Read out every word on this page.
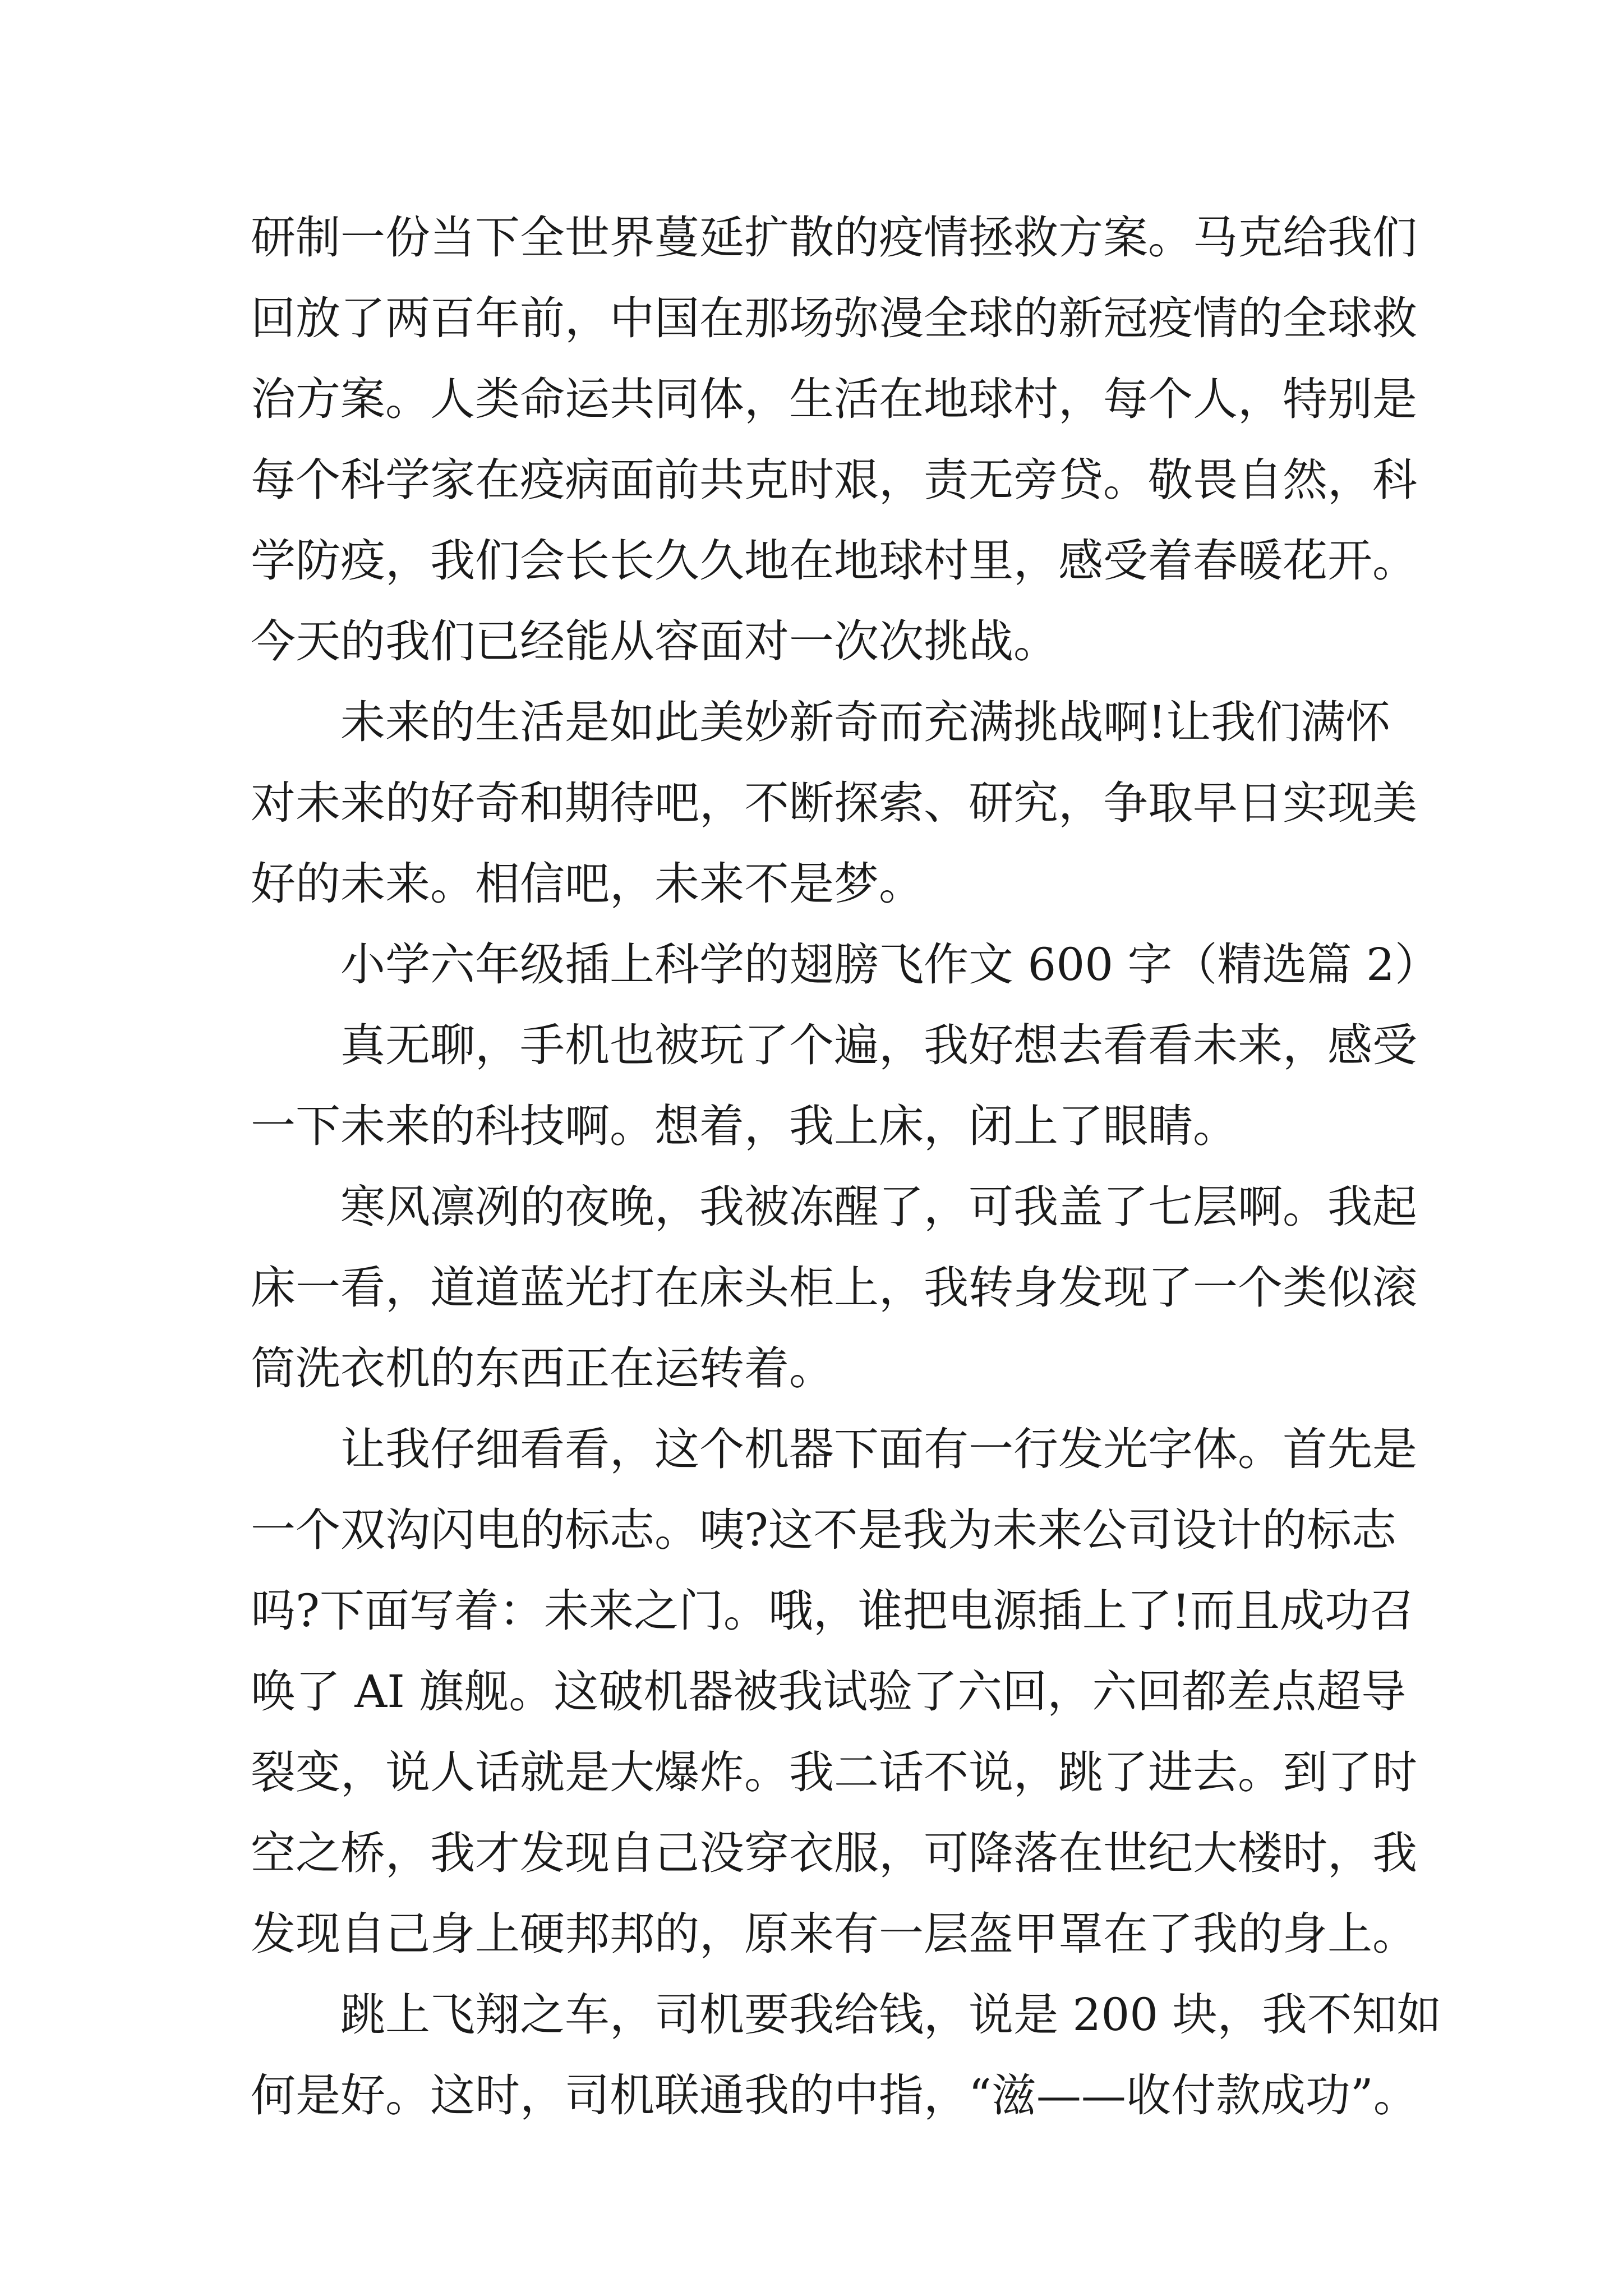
研制一份当下全世界蔓延扩散的疫情拯救方案。马克给我们
回放了两百年前，中国在那场弥漫全球的新冠疫情的全球救
治方案。人类命运共同体，生活在地球村，每个人，特别是
每个科学家在疫病面前共克时艰，责无旁贷。敬畏自然，科
学防疫，我们会长长久久地在地球村里，感受着春暖花开。
今天的我们已经能从容面对一次次挑战。
未来的生活是如此美妙新奇而充满挑战啊!让我们满怀
对未来的好奇和期待吧，不断探索、研究，争取早日实现美
好的未来。相信吧，未来不是梦。
小学六年级插上科学的翅膀飞作文 600 字（精选篇 2）
真无聊，手机也被玩了个遍，我好想去看看未来，感受
一下未来的科技啊。想着，我上床，闭上了眼睛。
寒风凛冽的夜晚，我被冻醒了，可我盖了七层啊。我起
床一看，道道蓝光打在床头柜上，我转身发现了一个类似滚
筒洗衣机的东西正在运转着。
让我仔细看看，这个机器下面有一行发光字体。首先是
一个双沟闪电的标志。咦?这不是我为未来公司设计的标志
吗?下面写着：未来之门。哦，谁把电源插上了!而且成功召
唤了 AI 旗舰。这破机器被我试验了六回，六回都差点超导
裂变，说人话就是大爆炸。我二话不说，跳了进去。到了时
空之桥，我才发现自己没穿衣服，可降落在世纪大楼时，我
发现自己身上硬邦邦的，原来有一层盔甲罩在了我的身上。
跳上飞翔之车，司机要我给钱，说是 200 块，我不知如
何是好。这时，司机联通我的中指，“滋——收付款成功”。
